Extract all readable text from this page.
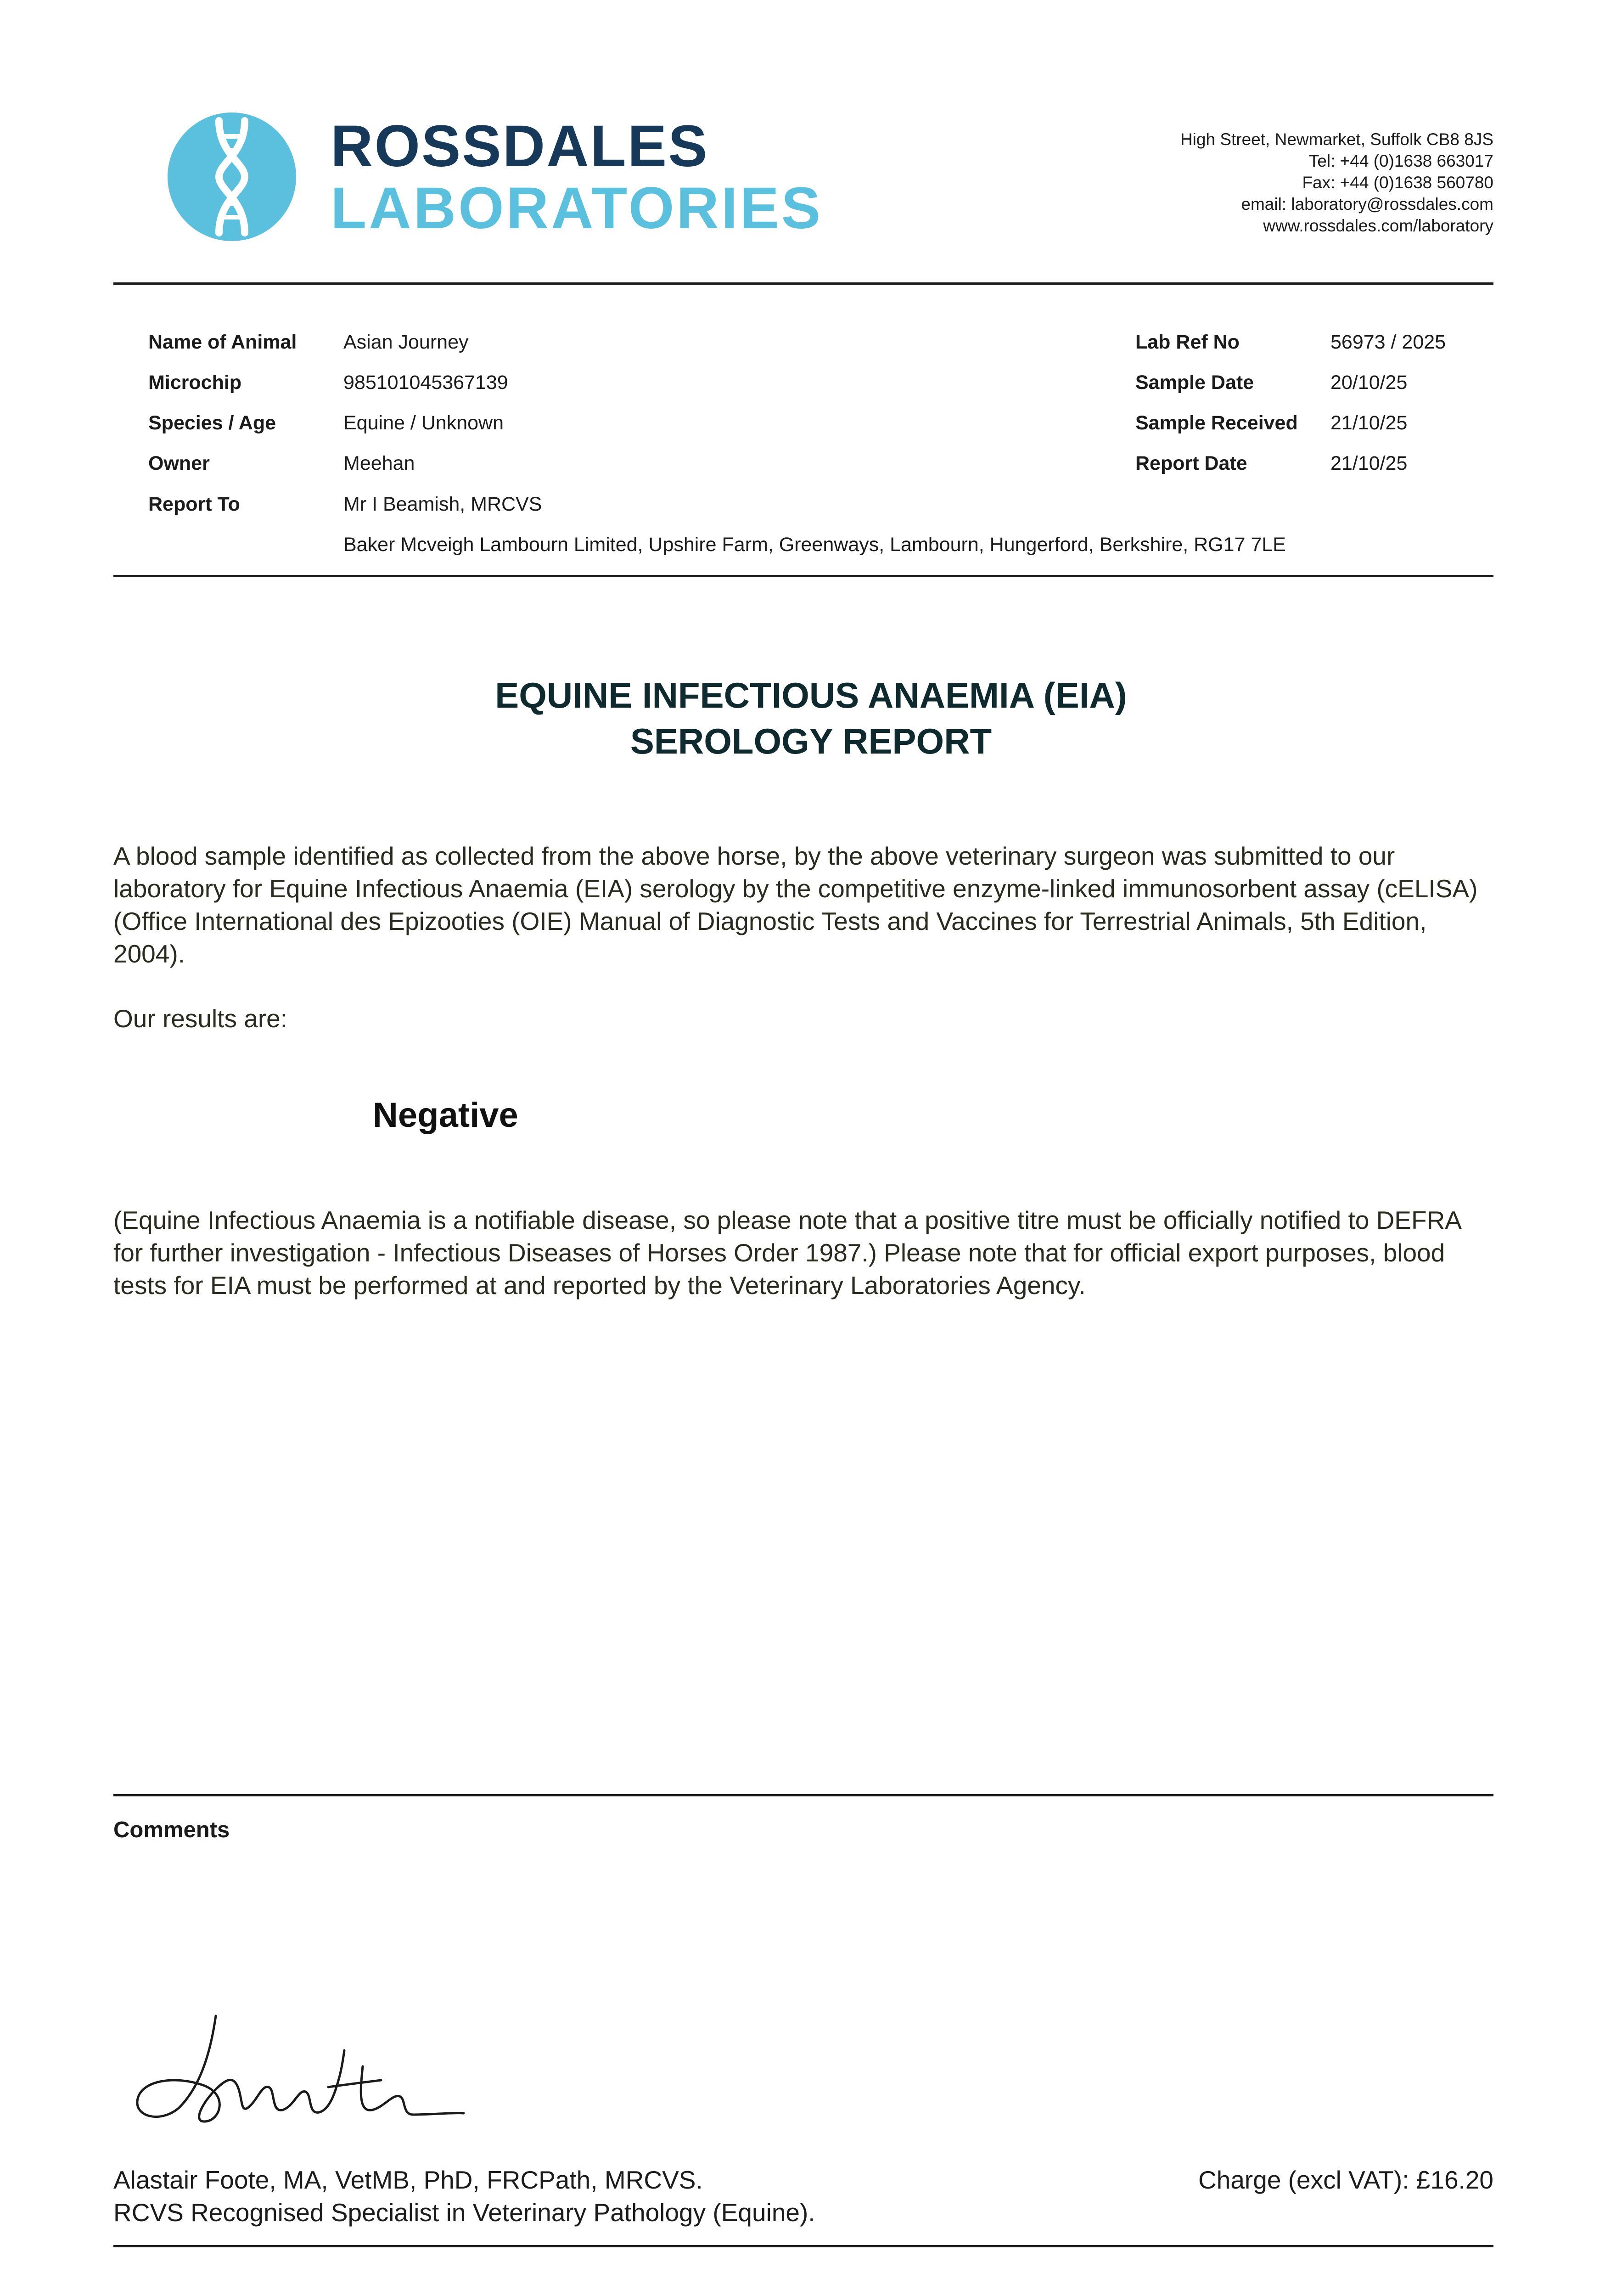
ROSSDALES
LABORATORIES
High Street, Newmarket, Suffolk CB8 8JS
Tel: +44 (0)1638 663017
Fax: +44 (0)1638 560780
email: laboratory@rossdales.com
www.rossdales.com/laboratory
Name of Animal Asian Journey
Microchip	985101045367139
Species / Age	Equine / Unknown
Owner	Meehan
Report To	Mr I Beamish, MRCVS
Baker Mcveigh Lambourn Limited, Upshire Farm, Greenways, Lambourn, Hungerford, Berkshire, RG17 7LE
Lab Ref No	56973 / 2025
Sample Date	20/10/25
Sample Received 21/10/25
Report Date	21/10/25
EQUINE INFECTIOUS ANAEMIA (EIA)
SEROLOGY REPORT
A blood sample identified as collected from the above horse, by the above veterinary surgeon was submitted to our laboratory for Equine Infectious Anaemia (EIA) serology by the competitive enzyme-linked immunosorbent assay (cELISA) (Office International des Epizooties (OIE) Manual of Diagnostic Tests and Vaccines for Terrestrial Animals, 5th Edition, 2004).
Our results are:
Negative
(Equine Infectious Anaemia is a notifiable disease, so please note that a positive titre must be officially notified to DEFRA for further investigation - Infectious Diseases of Horses Order 1987.) Please note that for official export purposes, blood tests for EIA must be performed at and reported by the Veterinary Laboratories Agency.
Comments
Alastair Foote, MA, VetMB, PhD, FRCPath, MRCVS.
RCVS Recognised Specialist in Veterinary Pathology (Equine).
Charge (excl VAT): £16.20
